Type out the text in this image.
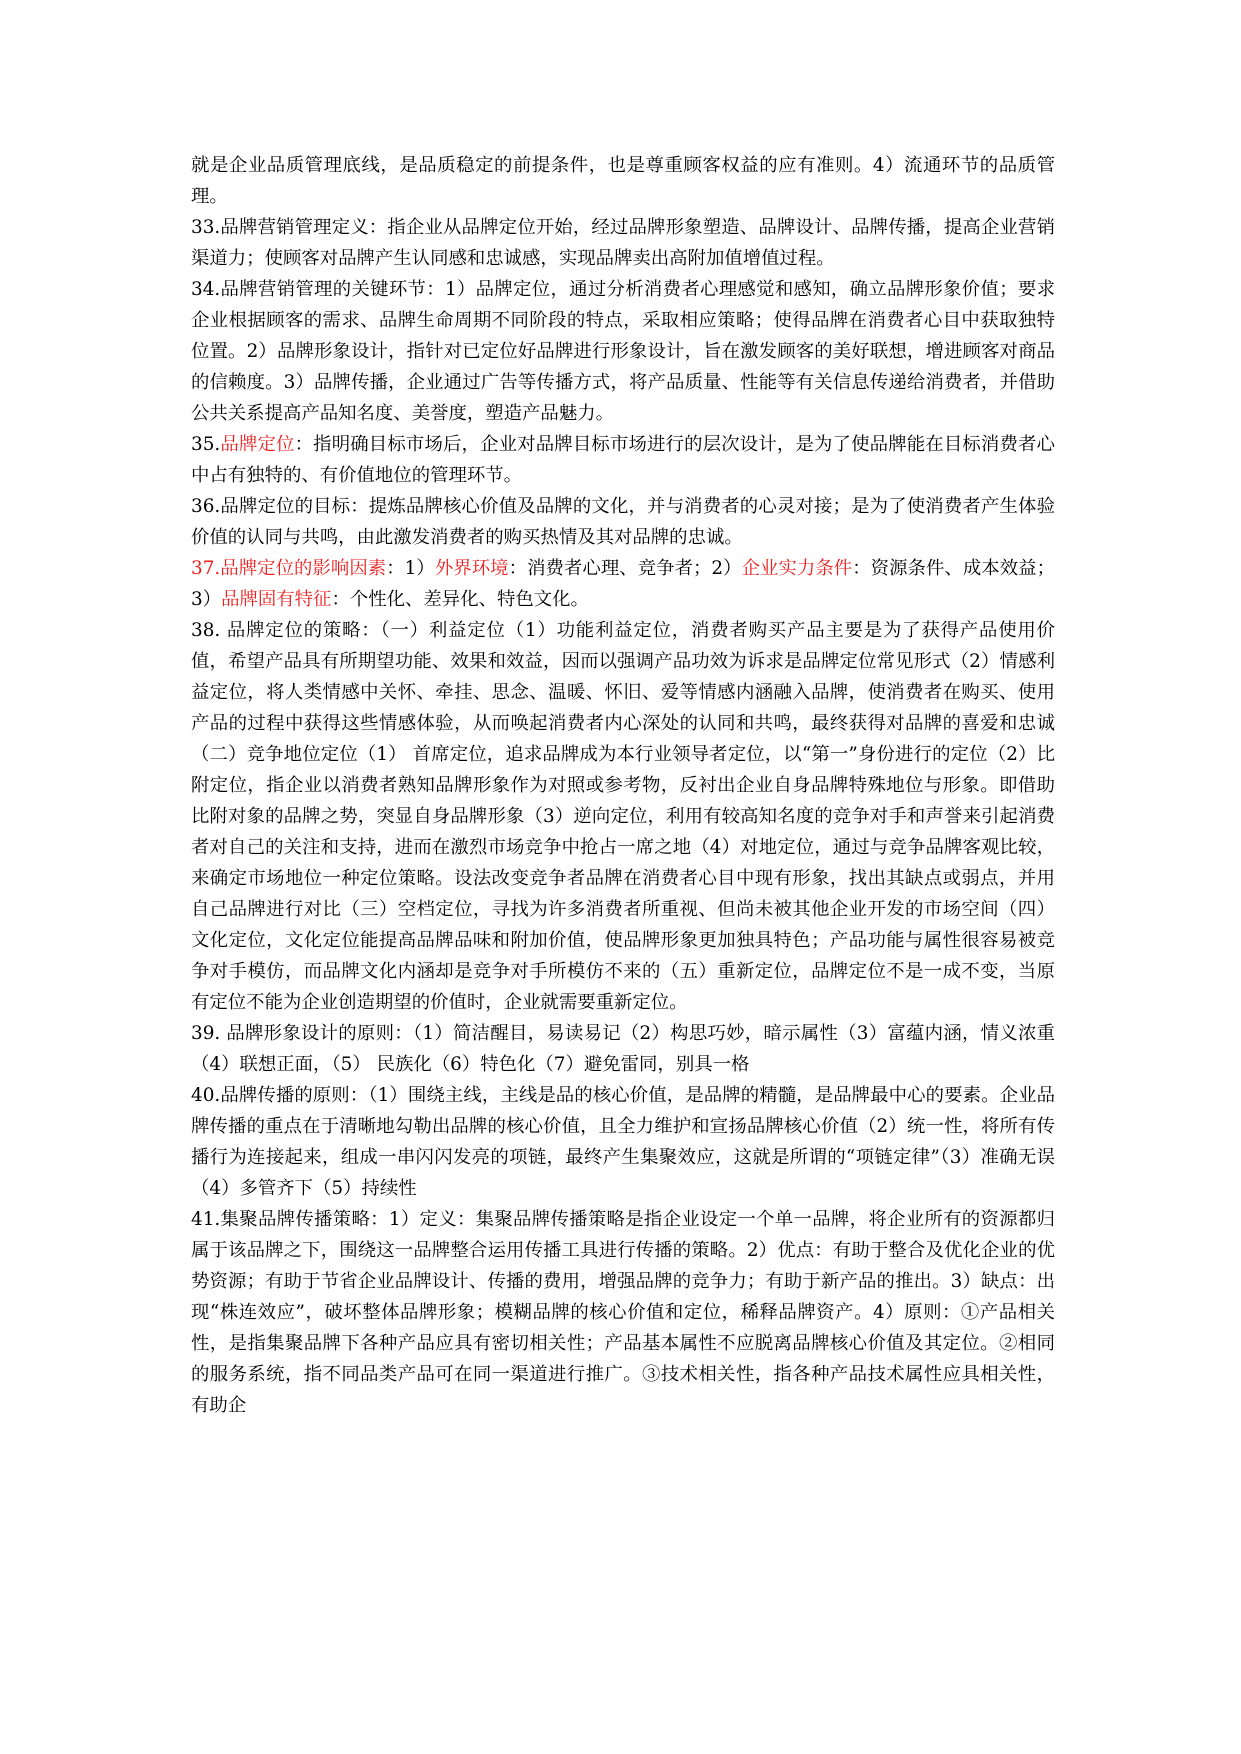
就是企业品质管理底线，是品质稳定的前提条件，也是尊重顾客权益的应有准则。4）流通环节的品质管理。

33.品牌营销管理定义：指企业从品牌定位开始，经过品牌形象塑造、品牌设计、品牌传播，提高企业营销渠道力；使顾客对品牌产生认同感和忠诚感，实现品牌卖出高附加值增值过程。

34.品牌营销管理的关键环节：1）品牌定位，通过分析消费者心理感觉和感知，确立品牌形象价值；要求企业根据顾客的需求、品牌生命周期不同阶段的特点，采取相应策略；使得品牌在消费者心目中获取独特位置。2）品牌形象设计，指针对已定位好品牌进行形象设计，旨在激发顾客的美好联想，增进顾客对商品的信赖度。3）品牌传播，企业通过广告等传播方式，将产品质量、性能等有关信息传递给消费者，并借助公共关系提高产品知名度、美誉度，塑造产品魅力。

35.品牌定位：指明确目标市场后，企业对品牌目标市场进行的层次设计，是为了使品牌能在目标消费者心中占有独特的、有价值地位的管理环节。

36.品牌定位的目标：提炼品牌核心价值及品牌的文化，并与消费者的心灵对接；是为了使消费者产生体验价值的认同与共鸣，由此激发消费者的购买热情及其对品牌的忠诚。

37.品牌定位的影响因素：1）外界环境：消费者心理、竞争者；2）企业实力条件：资源条件、成本效益；3）品牌固有特征：个性化、差异化、特色文化。

38. 品牌定位的策略：（一）利益定位（1）功能利益定位，消费者购买产品主要是为了获得产品使用价值，希望产品具有所期望功能、效果和效益，因而以强调产品功效为诉求是品牌定位常见形式（2）情感利益定位，将人类情感中关怀、牵挂、思念、温暖、怀旧、爱等情感内涵融入品牌，使消费者在购买、使用产品的过程中获得这些情感体验，从而唤起消费者内心深处的认同和共鸣，最终获得对品牌的喜爱和忠诚（二）竞争地位定位（1） 首席定位，追求品牌成为本行业领导者定位，以“第一”身份进行的定位（2）比附定位，指企业以消费者熟知品牌形象作为对照或参考物，反衬出企业自身品牌特殊地位与形象。即借助比附对象的品牌之势，突显自身品牌形象（3）逆向定位，利用有较高知名度的竞争对手和声誉来引起消费者对自己的关注和支持，进而在激烈市场竞争中抢占一席之地（4）对地定位，通过与竞争品牌客观比较，来确定市场地位一种定位策略。设法改变竞争者品牌在消费者心目中现有形象，找出其缺点或弱点，并用自己品牌进行对比（三）空档定位，寻找为许多消费者所重视、但尚未被其他企业开发的市场空间（四）文化定位，文化定位能提高品牌品味和附加价值，使品牌形象更加独具特色；产品功能与属性很容易被竞争对手模仿，而品牌文化内涵却是竞争对手所模仿不来的（五）重新定位，品牌定位不是一成不变，当原有定位不能为企业创造期望的价值时，企业就需要重新定位。

39. 品牌形象设计的原则：（1）简洁醒目，易读易记（2）构思巧妙，暗示属性（3）富蕴内涵，情义浓重（4）联想正面，（5） 民族化（6）特色化（7）避免雷同，别具一格

40.品牌传播的原则：（1）围绕主线，主线是品的核心价值，是品牌的精髓，是品牌最中心的要素。企业品牌传播的重点在于清晰地勾勒出品牌的核心价值，且全力维护和宣扬品牌核心价值（2）统一性，将所有传播行为连接起来，组成一串闪闪发亮的项链，最终产生集聚效应，这就是所谓的“项链定律”（3）准确无误（4）多管齐下（5）持续性

41.集聚品牌传播策略：1）定义：集聚品牌传播策略是指企业设定一个单一品牌，将企业所有的资源都归属于该品牌之下，围绕这一品牌整合运用传播工具进行传播的策略。2）优点：有助于整合及优化企业的优势资源；有助于节省企业品牌设计、传播的费用，增强品牌的竞争力；有助于新产品的推出。3）缺点：出现“株连效应”，破坏整体品牌形象；模糊品牌的核心价值和定位，稀释品牌资产。4）原则：①产品相关性，是指集聚品牌下各种产品应具有密切相关性；产品基本属性不应脱离品牌核心价值及其定位。②相同的服务系统，指不同品类产品可在同一渠道进行推广。③技术相关性，指各种产品技术属性应具相关性，有助企
